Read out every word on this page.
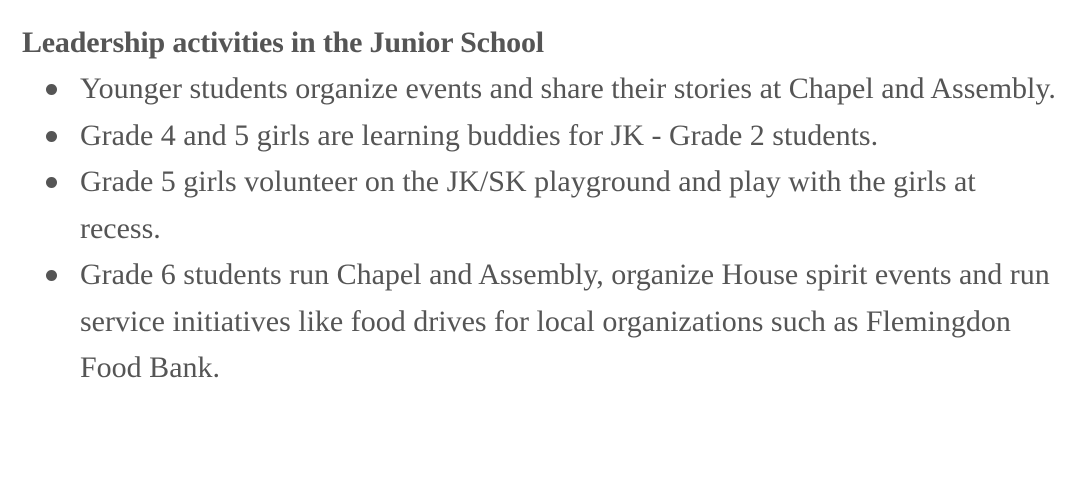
Leadership activities in the Junior School
Younger students organize events and share their stories at Chapel and Assembly.
Grade 4 and 5 girls are learning buddies for JK - Grade 2 students.
Grade 5 girls volunteer on the JK/SK playground and play with the girls at recess.
Grade 6 students run Chapel and Assembly, organize House spirit events and run service initiatives like food drives for local organizations such as Flemingdon Food Bank.
